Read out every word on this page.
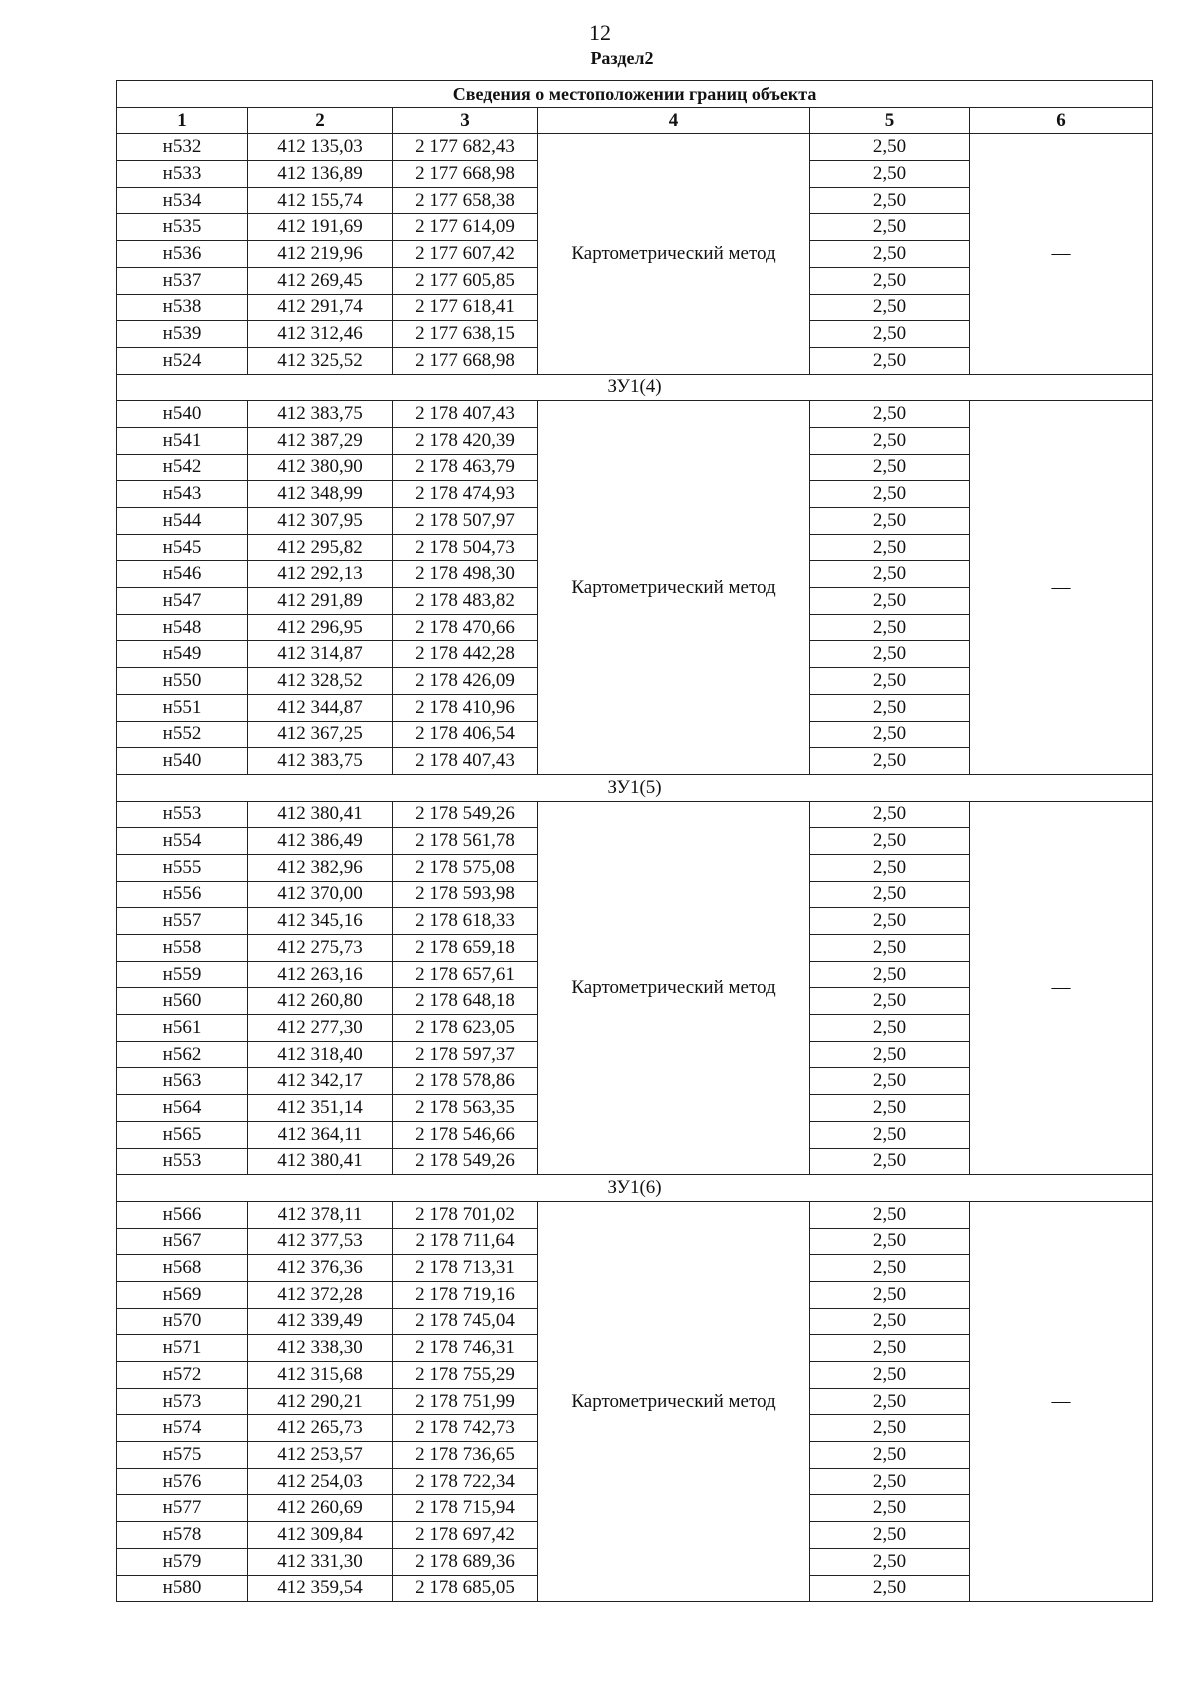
12
Раздел2
Сведения о местоположении границ объекта					
1	2	3	4	5	6
н532	412 135,03	2 177 682,43	Картометрический метод	2,50	—
н533	412 136,89	2 177 668,98		2,50	
н534	412 155,74	2 177 658,38		2,50	
н535	412 191,69	2 177 614,09		2,50	
н536	412 219,96	2 177 607,42		2,50	
н537	412 269,45	2 177 605,85		2,50	
н538	412 291,74	2 177 618,41		2,50	
н539	412 312,46	2 177 638,15		2,50	
н524	412 325,52	2 177 668,98		2,50	
ЗУ1(4)					
н540	412 383,75	2 178 407,43	Картометрический метод	2,50	—
н541	412 387,29	2 178 420,39		2,50	
н542	412 380,90	2 178 463,79		2,50	
н543	412 348,99	2 178 474,93		2,50	
н544	412 307,95	2 178 507,97		2,50	
н545	412 295,82	2 178 504,73		2,50	
н546	412 292,13	2 178 498,30		2,50	
н547	412 291,89	2 178 483,82		2,50	
н548	412 296,95	2 178 470,66		2,50	
н549	412 314,87	2 178 442,28		2,50	
н550	412 328,52	2 178 426,09		2,50	
н551	412 344,87	2 178 410,96		2,50	
н552	412 367,25	2 178 406,54		2,50	
н540	412 383,75	2 178 407,43		2,50	
ЗУ1(5)					
н553	412 380,41	2 178 549,26	Картометрический метод	2,50	—
н554	412 386,49	2 178 561,78		2,50	
н555	412 382,96	2 178 575,08		2,50	
н556	412 370,00	2 178 593,98		2,50	
н557	412 345,16	2 178 618,33		2,50	
н558	412 275,73	2 178 659,18		2,50	
н559	412 263,16	2 178 657,61		2,50	
н560	412 260,80	2 178 648,18		2,50	
н561	412 277,30	2 178 623,05		2,50	
н562	412 318,40	2 178 597,37		2,50	
н563	412 342,17	2 178 578,86		2,50	
н564	412 351,14	2 178 563,35		2,50	
н565	412 364,11	2 178 546,66		2,50	
н553	412 380,41	2 178 549,26		2,50	
ЗУ1(6)					
н566	412 378,11	2 178 701,02	Картометрический метод	2,50	—
н567	412 377,53	2 178 711,64		2,50	
н568	412 376,36	2 178 713,31		2,50	
н569	412 372,28	2 178 719,16		2,50	
н570	412 339,49	2 178 745,04		2,50	
н571	412 338,30	2 178 746,31		2,50	
н572	412 315,68	2 178 755,29		2,50	
н573	412 290,21	2 178 751,99		2,50	
н574	412 265,73	2 178 742,73		2,50	
н575	412 253,57	2 178 736,65		2,50	
н576	412 254,03	2 178 722,34		2,50	
н577	412 260,69	2 178 715,94		2,50	
н578	412 309,84	2 178 697,42		2,50	
н579	412 331,30	2 178 689,36		2,50	
н580	412 359,54	2 178 685,05		2,50	
